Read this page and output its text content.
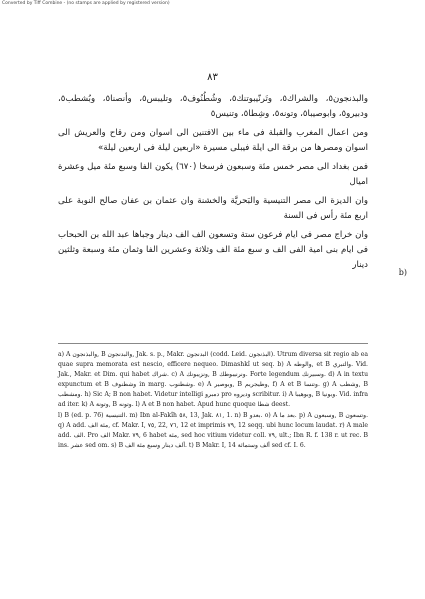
Converted by Tiff Combine - (no stamps are applied by registered version)
٨٣

والبذنجون٥، والشراك٥، وتَرنّيبوتنك٥، وشُطُنُوف٥، وتليبس٥، وأنصنا٥، وبُشطب٥، ودبيرو٥، وابوصيبا٥، وتونه٥، وشِطا٥، وتنيس٥

ومن اعمال المغرب والقبلة فى ماء بين الافتنين الى اسوان ومن رقاح والعريش الى اسوان ومصرها من برقة الى ايلة فيبلى مسيرة «اربعين ليلة فى اربعين ليلة»

فمن بغداد الى مصر خمس مئة وسبعون فرسخا (٦٧٠) يكون الفا وسبع مئة ميل وعشرة اميال

وان الديزة الى مصر التنيسية والبَحريَّة والخشنة وان عثمان بن عفان صالح النوبة على اربع مئة رأس فى السنة

وان خراج مصر فى ايام فرعون ستة وتسعون الف الف دينار وجباها عبد الله بن الحبحاب فى ايام بنى امية الفى الف و سبع مئة الف وثلاثة وعشرين الفا وثمان مئة وسبعة وثلثين دينار

b)

a) A والبذنجون, B والبدنجون, Jak. s. p., Makr. البدنجون (codd. Leid. البذنجون). Utrum diversa sit regio ab ea quae supra memorata est nescio, efficere nequeo. Dimashkî ut seq. b) A والوطه, et B والتبري. Vid. Jak., Makr. et Dim. qui habet شراك. c) A ونزيبونك, B ونرنيبوطك. Forte legendum وسبيرنك. d) A in textu expunctum et B وشطنوف in marg. وشطنوب. e) A وبوصير, B وطيجريم, f) A et B وتنسا. g) A وشطب, B ومشطب. h) Sic A; B non habet. Videtur intelligi دمبرو pro وديروه scribitur. i) A وبوهيبا, B وبونيا. Vid. infra ad iter. k) A وتونة, B وتونه. l) A et B non habet. Apud hunc quoque شطا deest.

l) B (ed. p. 76) التنيسية. m) Ibn al-Fakîh ٥٨, 13, Jak. ٨١, 1. n) B بعدو. o) A بعد ما. p) A وسبعون, B وتسعون. q) A add. مئة الف, cf. Makr. I, ٧٥, 22, ٧٦, 12 et imprimis ٧٩, 12 seqq. ubi hunc locum laudat. r) A male add. الف. Pro الف Makr. ٧٩, 6 habet مئة, sed hoc vitium videtur coll. ٧٩, ult.; Ibn R. f. 138 r. ut rec. B ins. عشر sed om. s) B ألف دينار وسبع مئة الف. t) B Makr. I, 14 ألف وستمائة sed cf. I. 6.
